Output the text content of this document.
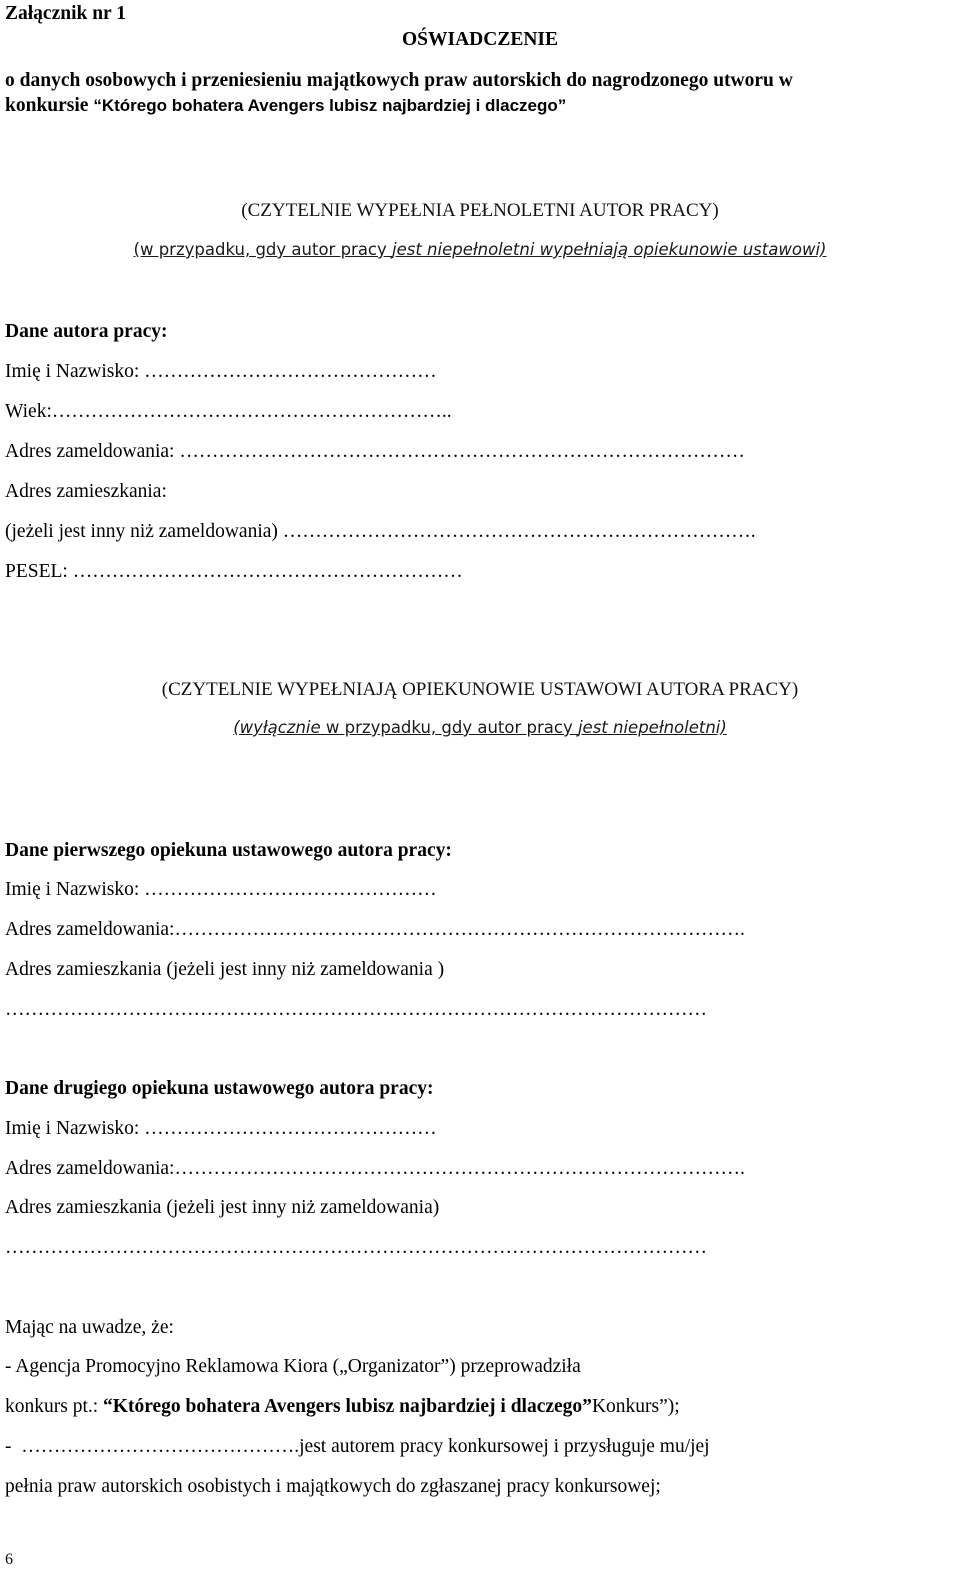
Załącznik nr 1
OŚWIADCZENIE
o danych osobowych i przeniesieniu majątkowych praw autorskich do nagrodzonego utworu w
konkursie “Którego bohatera Avengers lubisz najbardziej i dlaczego”
(CZYTELNIE WYPEŁNIA PEŁNOLETNI AUTOR PRACY)
(w przypadku, gdy autor pracy jest niepełnoletni wypełniają opiekunowie ustawowi)
Dane autora pracy:
Imię i Nazwisko: ………………………………………
Wiek:……………………………………………………..
Adres zameldowania: ……………………………………………………………………………
Adres zamieszkania:
(jeżeli jest inny niż zameldowania) ……………………………………………………………….
PESEL: ……………………………………………………
(CZYTELNIE WYPEŁNIAJĄ OPIEKUNOWIE USTAWOWI AUTORA PRACY)
(wyłącznie w przypadku, gdy autor pracy jest niepełnoletni)
Dane pierwszego opiekuna ustawowego autora pracy:
Imię i Nazwisko: ………………………………………
Adres zameldowania:…………………………………………………………………………….
Adres zamieszkania (jeżeli jest inny niż zameldowania )
………………………………………………………………………………………………
Dane drugiego opiekuna ustawowego autora pracy:
Imię i Nazwisko: ………………………………………
Adres zameldowania:…………………………………………………………………………….
Adres zamieszkania (jeżeli jest inny niż zameldowania)
………………………………………………………………………………………………
Mając na uwadze, że:
- Agencja Promocyjno Reklamowa Kiora („Organizator”) przeprowadziła
konkurs pt.: “Którego bohatera Avengers lubisz najbardziej i dlaczego”Konkurs”);
-  …………………………………….jest autorem pracy konkursowej i przysługuje mu/jej
pełnia praw autorskich osobistych i majątkowych do zgłaszanej pracy konkursowej;
6
